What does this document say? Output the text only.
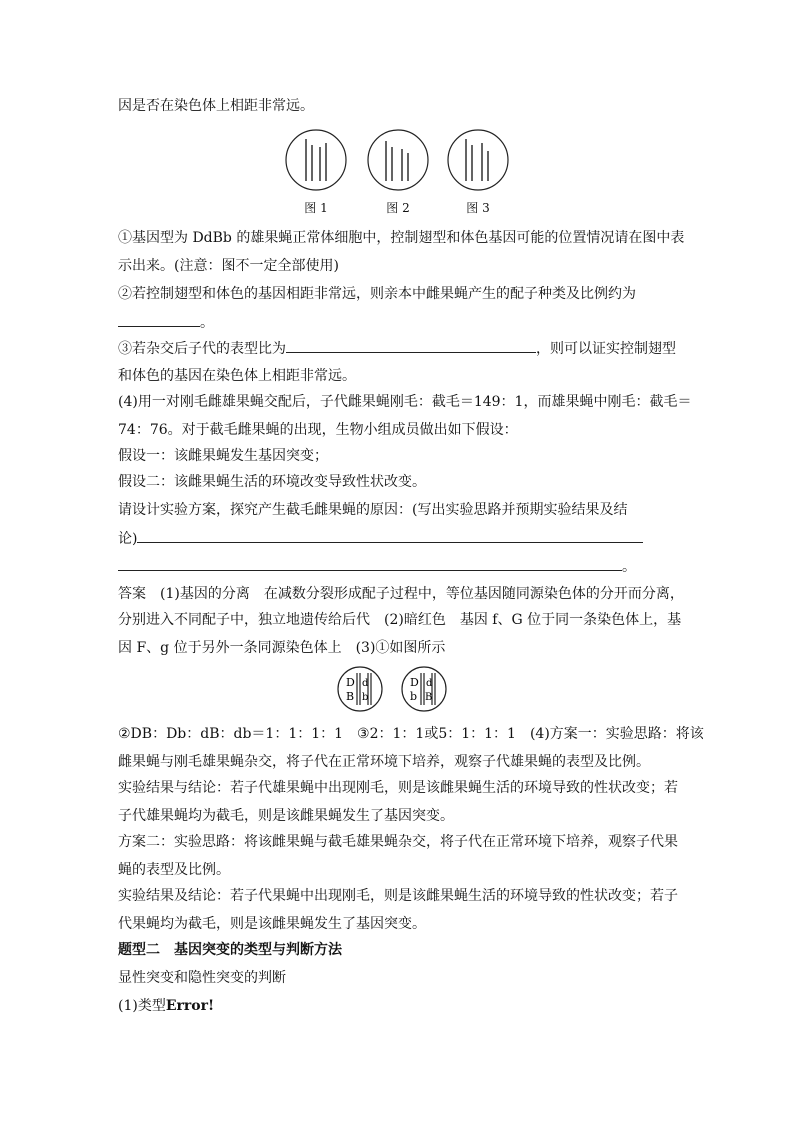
因是否在染色体上相距非常远。
图 1	图 2	图 3
①基因型为 DdBb 的雄果蝇正常体细胞中，控制翅型和体色基因可能的位置情况请在图中表
示出来。(注意：图不一定全部使用)
②若控制翅型和体色的基因相距非常远，则亲本中雌果蝇产生的配子种类及比例约为
。
③若杂交后子代的表型比为	，则可以证实控制翅型
和体色的基因在染色体上相距非常远。
(4)用一对刚毛雌雄果蝇交配后，子代雌果蝇刚毛：截毛＝149：1，而雄果蝇中刚毛：截毛＝
74：76。对于截毛雌果蝇的出现，生物小组成员做出如下假设：
假设一：该雌果蝇发生基因突变；
假设二：该雌果蝇生活的环境改变导致性状改变。
请设计实验方案，探究产生截毛雌果蝇的原因：(写出实验思路并预期实验结果及结
论)
。
答案　(1)基因的分离　在减数分裂形成配子过程中，等位基因随同源染色体的分开而分离，
分别进入不同配子中，独立地遗传给后代　(2)暗红色　基因 f、G 位于同一条染色体上，基
因 F、g 位于另外一条同源染色体上　(3)①如图所示
D
B
d
b
D
b
d
B
②DB：Db：dB：db＝1：1：1：1　③2：1：1或5：1：1：1　(4)方案一：实验思路：将该
雌果蝇与刚毛雄果蝇杂交，将子代在正常环境下培养，观察子代雄果蝇的表型及比例。
实验结果与结论：若子代雄果蝇中出现刚毛，则是该雌果蝇生活的环境导致的性状改变；若
子代雄果蝇均为截毛，则是该雌果蝇发生了基因突变。
方案二：实验思路：将该雌果蝇与截毛雄果蝇杂交，将子代在正常环境下培养，观察子代果
蝇的表型及比例。
实验结果及结论：若子代果蝇中出现刚毛，则是该雌果蝇生活的环境导致的性状改变；若子
代果蝇均为截毛，则是该雌果蝇发生了基因突变。
题型二　基因突变的类型与判断方法
显性突变和隐性突变的判断
(1)类型Error!
